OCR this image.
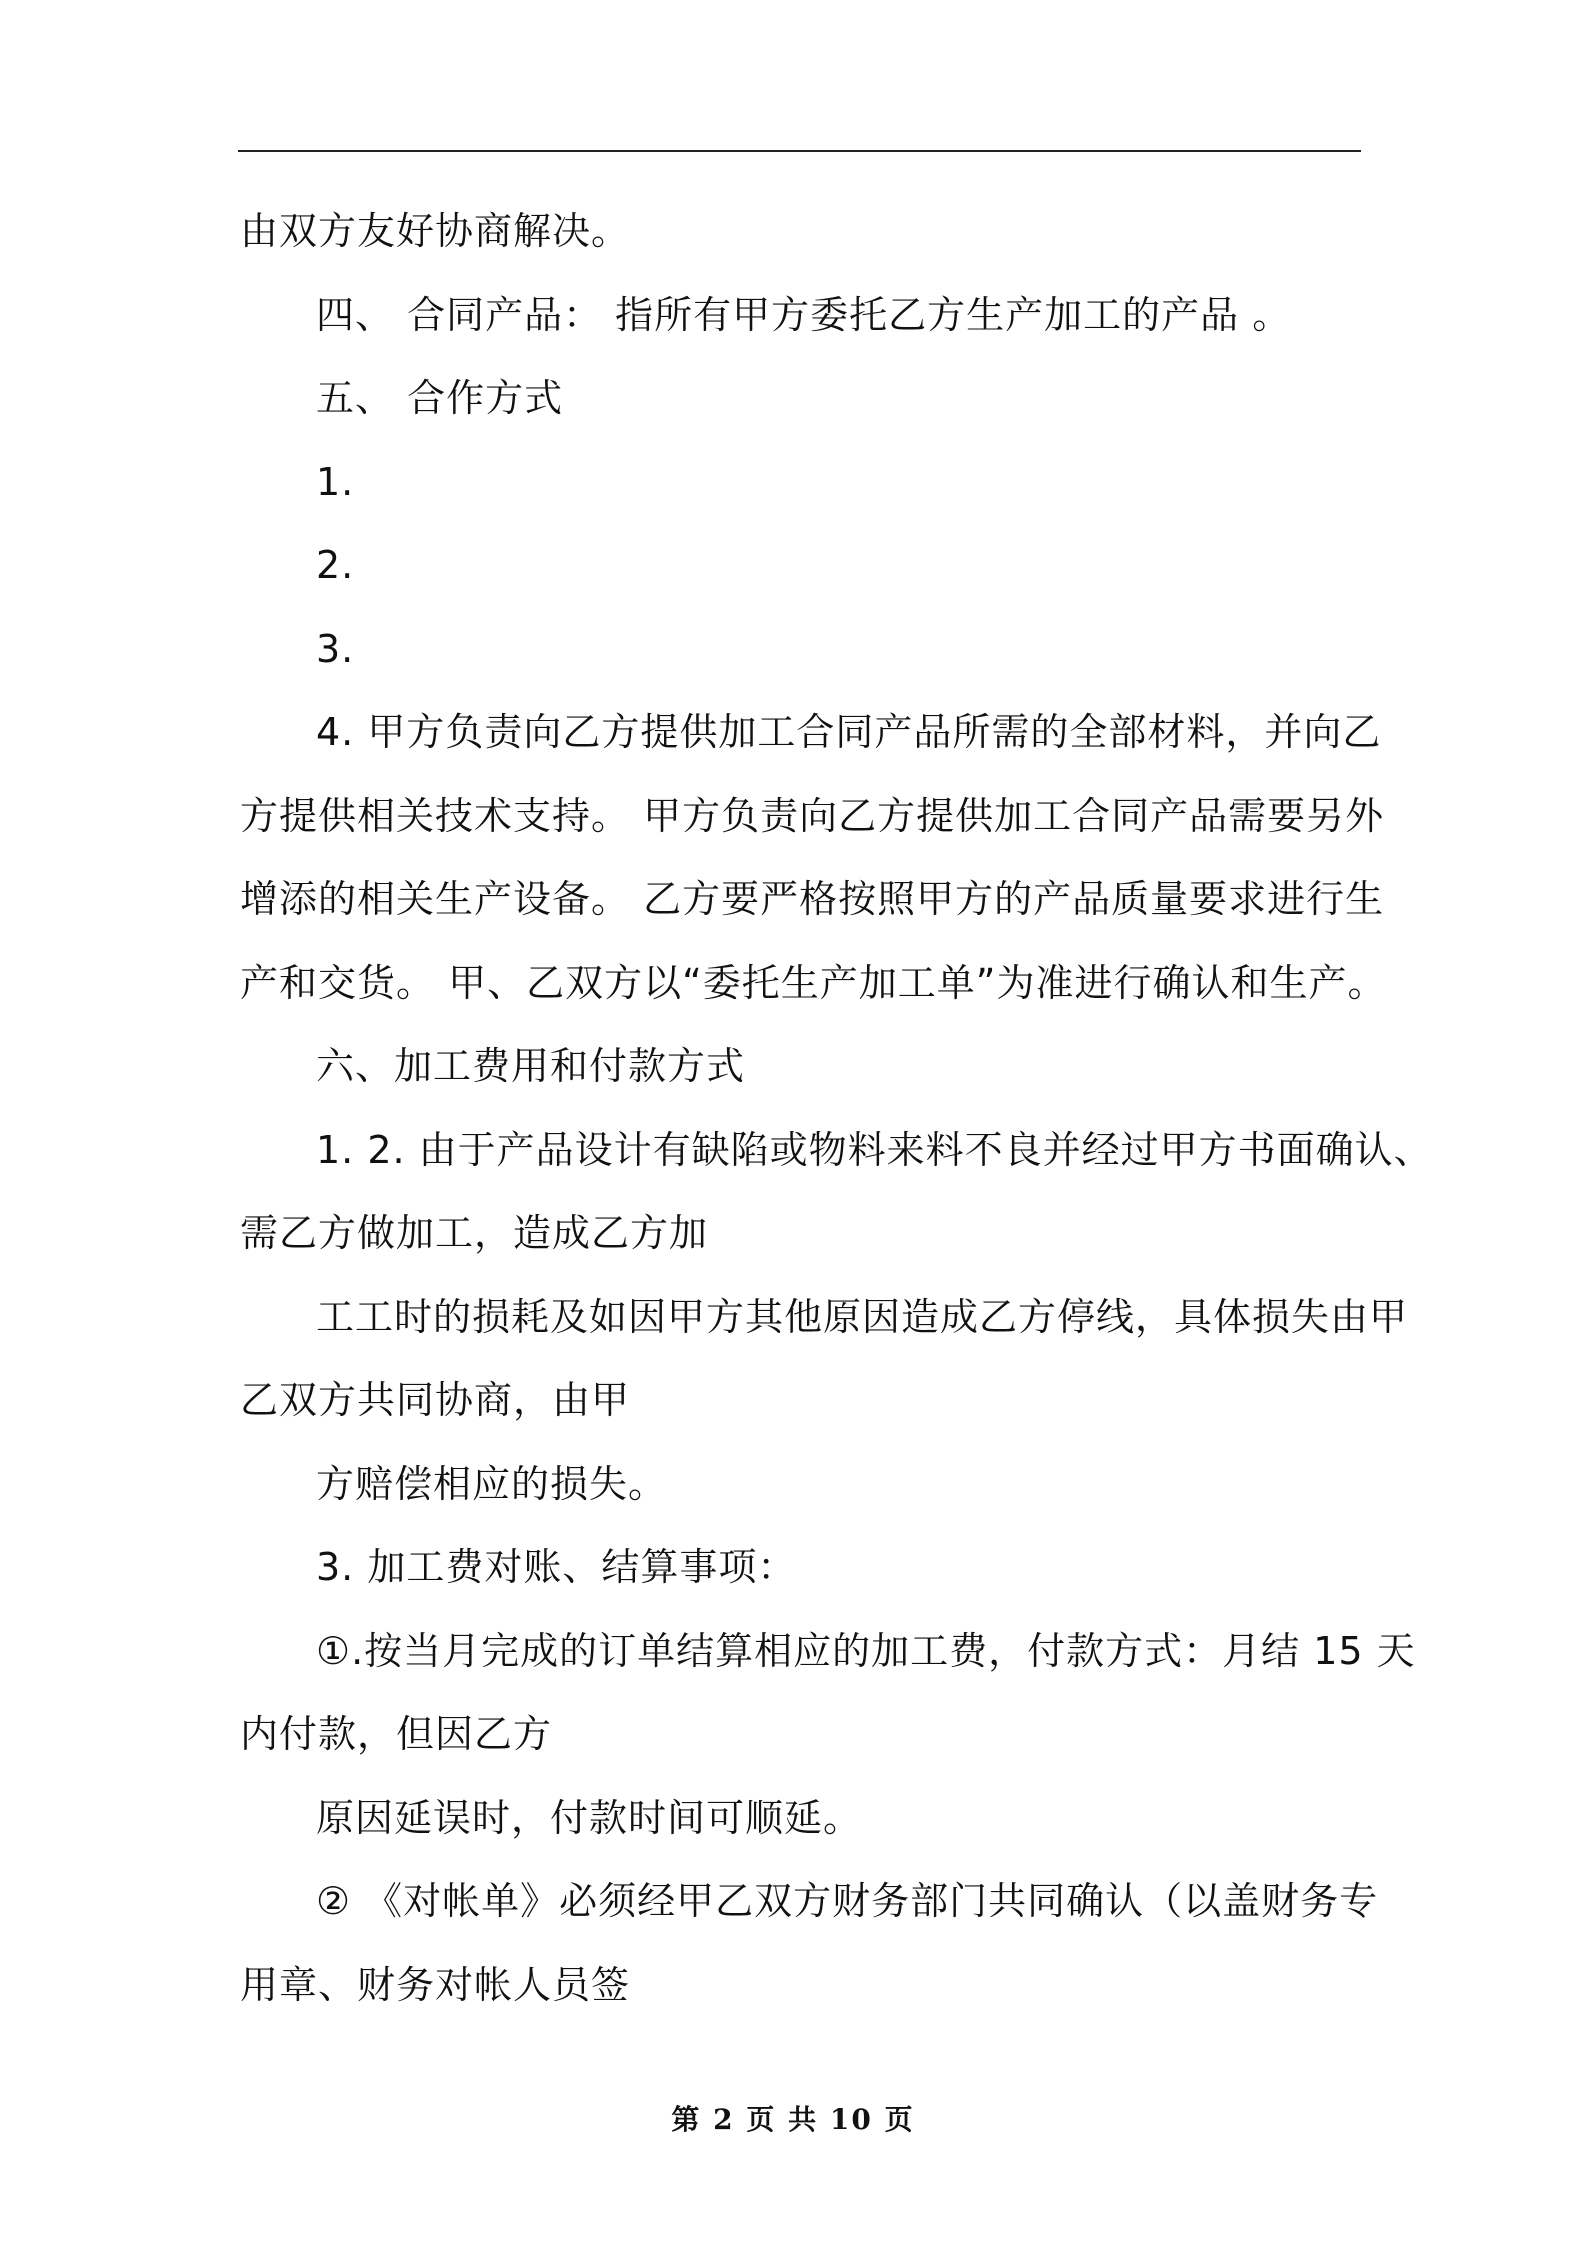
由双方友好协商解决。
四、 合同产品： 指所有甲方委托乙方生产加工的产品 。
五、 合作方式
1.
2.
3.
4. 甲方负责向乙方提供加工合同产品所需的全部材料，并向乙
方提供相关技术支持。 甲方负责向乙方提供加工合同产品需要另外
增添的相关生产设备。 乙方要严格按照甲方的产品质量要求进行生
产和交货。 甲、乙双方以“委托生产加工单”为准进行确认和生产。
六、加工费用和付款方式
1. 2. 由于产品设计有缺陷或物料来料不良并经过甲方书面确认、
需乙方做加工，造成乙方加
工工时的损耗及如因甲方其他原因造成乙方停线，具体损失由甲
乙双方共同协商，由甲
方赔偿相应的损失。
3. 加工费对账、结算事项：
①.按当月完成的订单结算相应的加工费，付款方式：月结 15 天
内付款，但因乙方
原因延误时，付款时间可顺延。
② 《对帐单》必须经甲乙双方财务部门共同确认（以盖财务专
用章、财务对帐人员签
第 2 页 共 10 页
